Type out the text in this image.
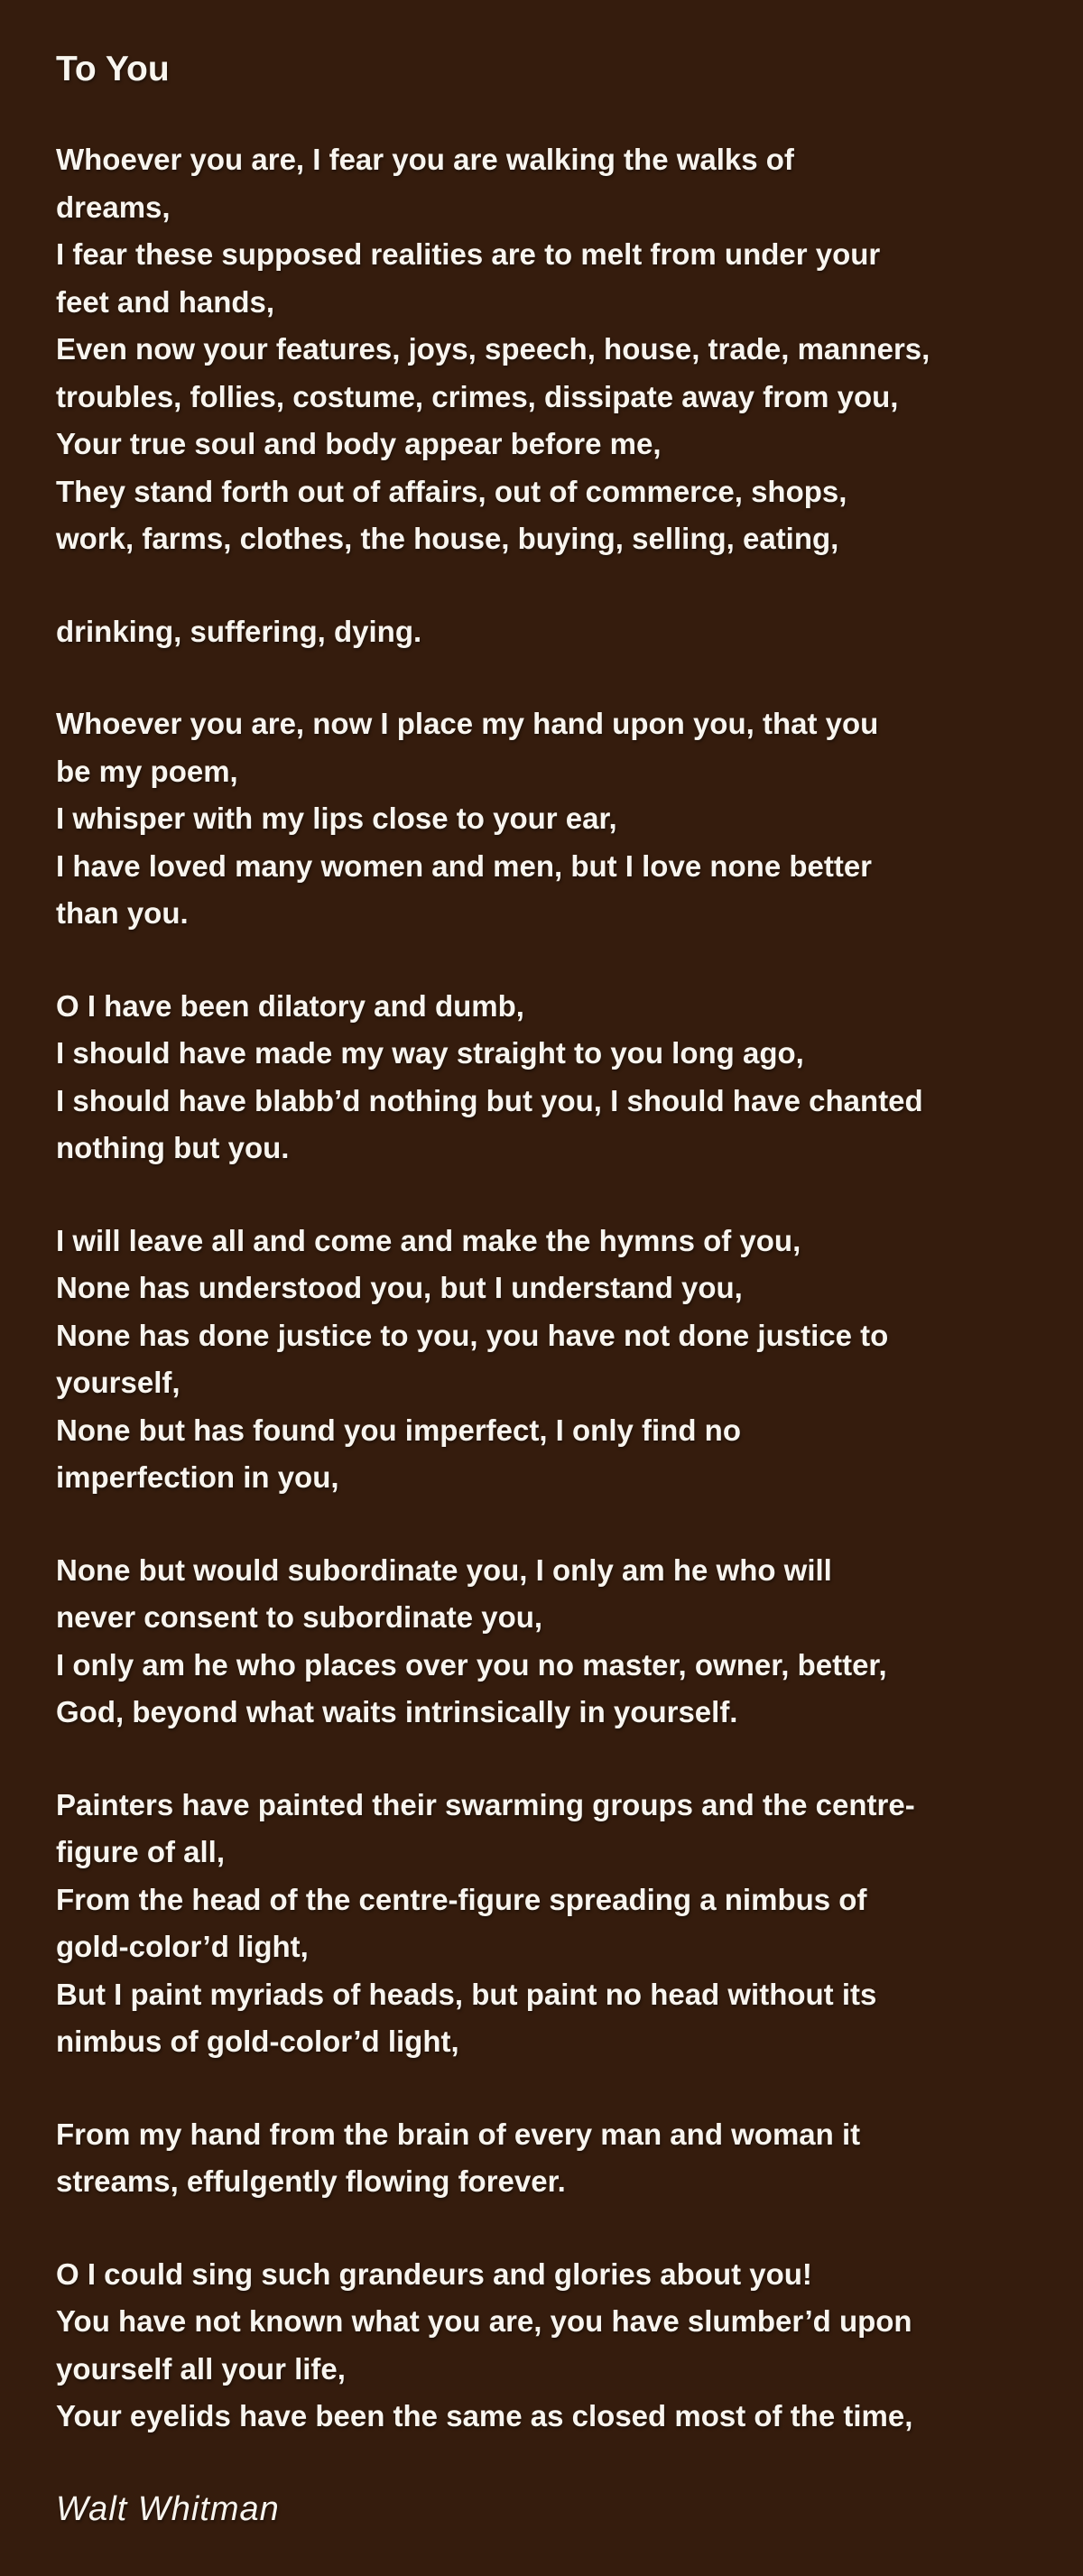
To You
Whoever you are, I fear you are walking the walks of
dreams,
I fear these supposed realities are to melt from under your
feet and hands,
Even now your features, joys, speech, house, trade, manners,
troubles, follies, costume, crimes, dissipate away from you,
Your true soul and body appear before me,
They stand forth out of affairs, out of commerce, shops,
work, farms, clothes, the house, buying, selling, eating,
drinking, suffering, dying.
Whoever you are, now I place my hand upon you, that you
be my poem,
I whisper with my lips close to your ear,
I have loved many women and men, but I love none better
than you.
O I have been dilatory and dumb,
I should have made my way straight to you long ago,
I should have blabb’d nothing but you, I should have chanted
nothing but you.
I will leave all and come and make the hymns of you,
None has understood you, but I understand you,
None has done justice to you, you have not done justice to
yourself,
None but has found you imperfect, I only find no
imperfection in you,
None but would subordinate you, I only am he who will
never consent to subordinate you,
I only am he who places over you no master, owner, better,
God, beyond what waits intrinsically in yourself.
Painters have painted their swarming groups and the centre-
figure of all,
From the head of the centre-figure spreading a nimbus of
gold-color’d light,
But I paint myriads of heads, but paint no head without its
nimbus of gold-color’d light,
From my hand from the brain of every man and woman it
streams, effulgently flowing forever.
O I could sing such grandeurs and glories about you!
You have not known what you are, you have slumber’d upon
yourself all your life,
Your eyelids have been the same as closed most of the time,
Walt Whitman
